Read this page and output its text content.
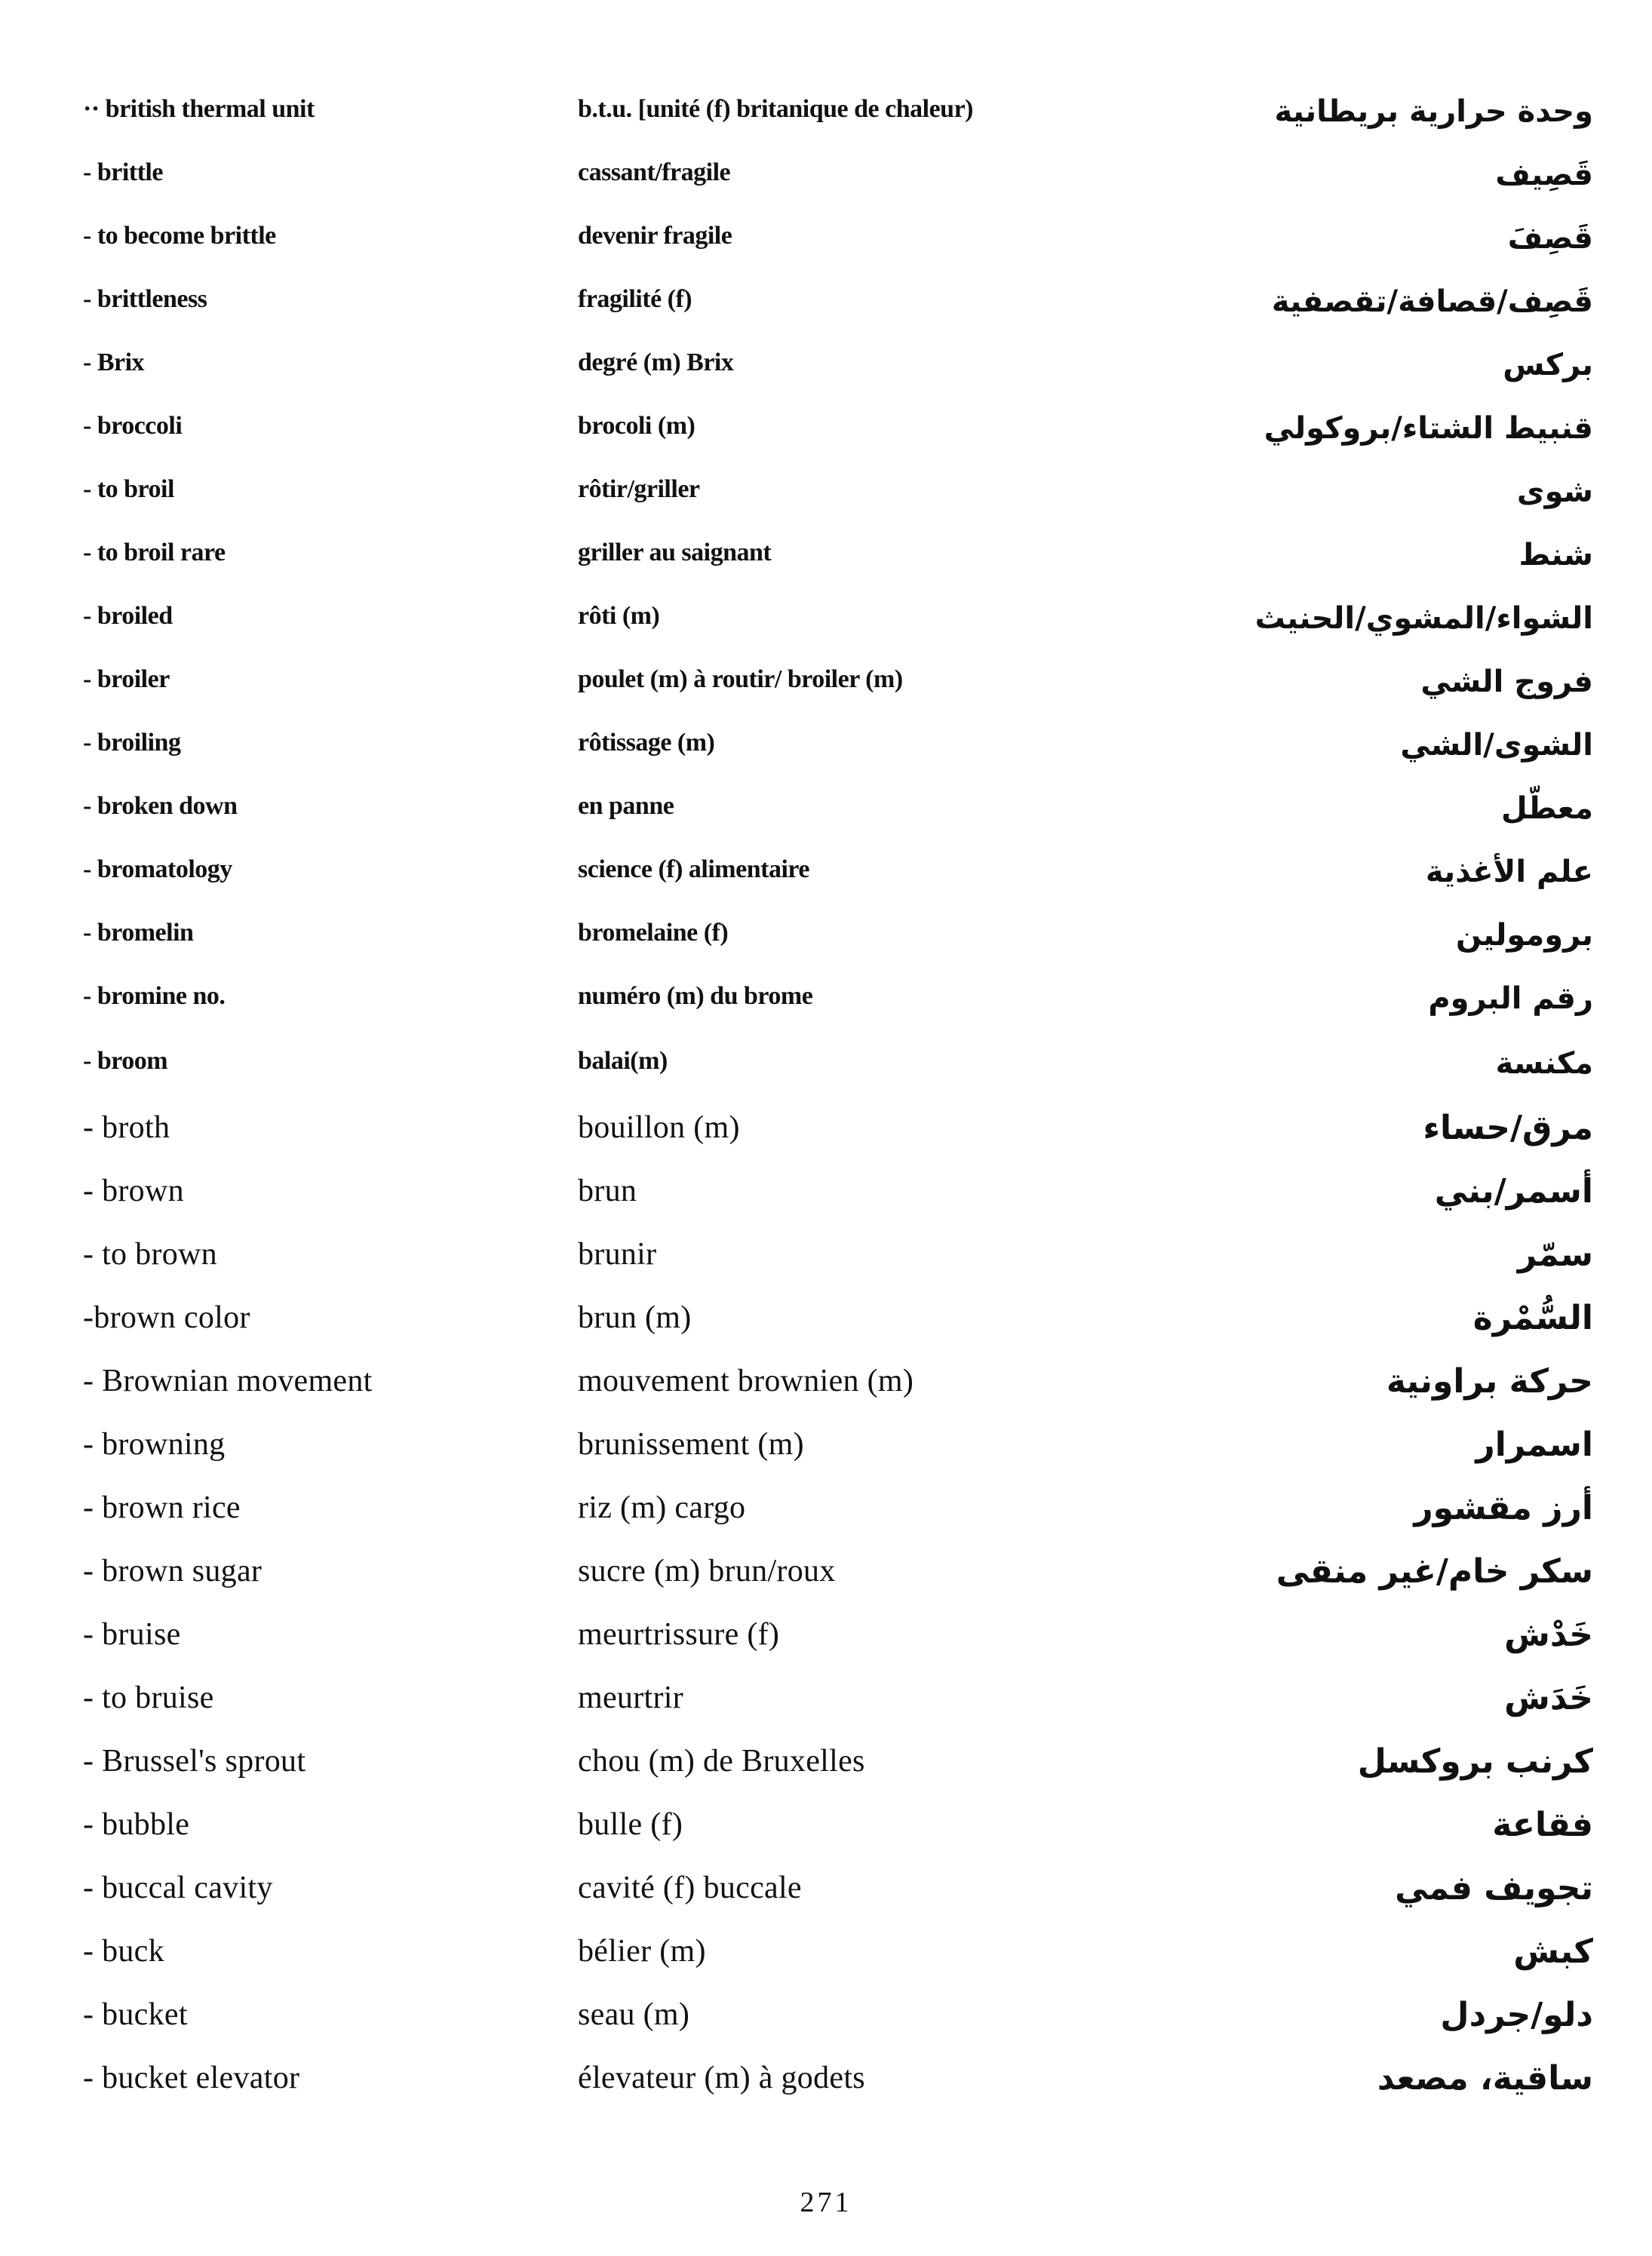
·· british thermal unit	b.t.u. [unité (f) britanique de chaleur)	وحدة حرارية بريطانية
- brittle	cassant/fragile	قَصِيف
- to become brittle	devenir fragile	قَصِفَ
- brittleness	fragilité (f)	قَصِف/قصافة/تقصفية
- Brix	degré (m) Brix	بركس
- broccoli	brocoli (m)	قنبيط الشتاء/بروكولي
- to broil	rôtir/griller	شوى
- to broil rare	griller au saignant	شنط
- broiled	rôti (m)	الشواء/المشوي/الحنيث
- broiler	poulet (m) à routir/ broiler (m)	فروج الشي
- broiling	rôtissage (m)	الشوى/الشي
- broken down	en panne	معطّل
- bromatology	science (f) alimentaire	علم الأغذية
- bromelin	bromelaine (f)	برومولين
- bromine no.	numéro (m) du brome	رقم البروم
- broom	balai(m)	مكنسة
- broth	bouillon (m)	مرق/حساء
- brown	brun	أسمر/بني
- to brown	brunir	سمّر
-brown color	brun (m)	السُّمْرة
- Brownian movement	mouvement brownien (m)	حركة براونية
- browning	brunissement (m)	اسمرار
- brown rice	riz (m) cargo	أرز مقشور
- brown sugar	sucre (m) brun/roux	سكر خام/غير منقى
- bruise	meurtrissure (f)	خَدْش
- to bruise	meurtrir	خَدَش
- Brussel's sprout	chou (m) de Bruxelles	كرنب بروكسل
- bubble	bulle (f)	فقاعة
- buccal cavity	cavité (f) buccale	تجويف فمي
- buck	bélier (m)	كبش
- bucket	seau (m)	دلو/جردل
- bucket elevator	élevateur (m) à godets	ساقية، مصعد
271
